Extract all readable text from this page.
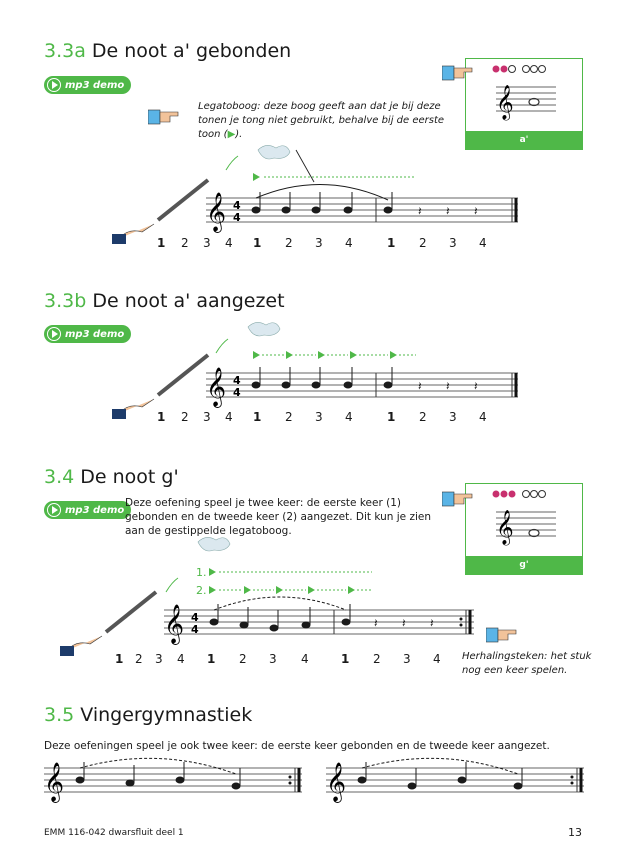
3.3a De noot a' gebonden
mp3 demo
Legatoboog: deze boog geeft aan dat je bij deze tonen je tong niet gebruikt, behalve bij de eerste toon (▶).
𝄞
a'
𝄞 4
4	𝄽 𝄽 𝄽
1 2 3 4 1 2 3 4	1 2 3 4
3.3b De noot a' aangezet
mp3 demo
𝄞 4
4	𝄽 𝄽 𝄽
1 2 3 4 1 2 3 4	1 2 3 4
3.4 De noot g'
mp3 demo
Deze oefening speel je twee keer: de eerste keer (1) gebonden en de tweede keer (2) aangezet. Dit kun je zien aan de gestippelde legatoboog.	𝄞
g'
1.
2.
𝄞 4
4	𝄽 𝄽 𝄽
1 2 3 4 1 2 3 4	1 2 3 4 Herhalingsteken: het stuk nog een keer spelen.
3.5 Vingergymnastiek
Deze oefeningen speel je ook twee keer: de eerste keer gebonden en de tweede keer aangezet.
𝄞	𝄞
EMM 116-042 dwarsfluit deel 1	13
